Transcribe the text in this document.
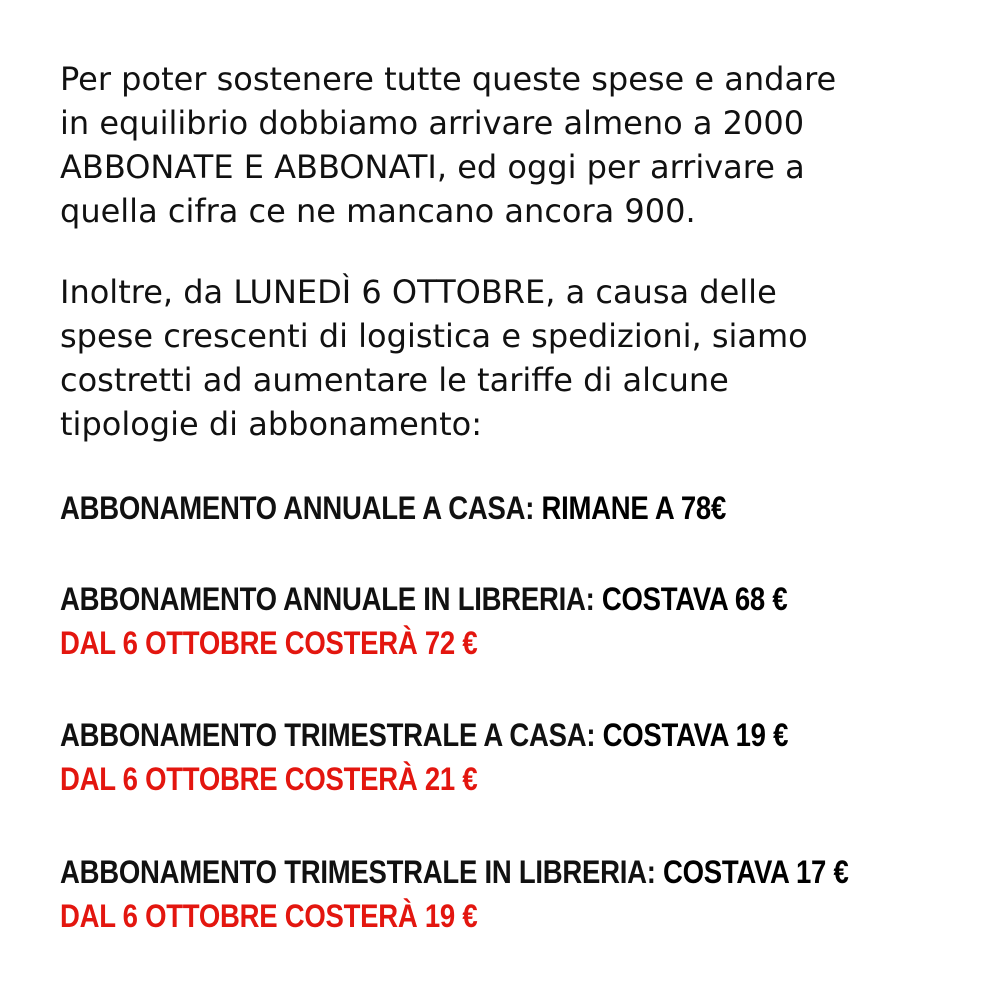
Per poter sostenere tutte queste spese e andare
in equilibrio dobbiamo arrivare almeno a 2000
ABBONATE E ABBONATI, ed oggi per arrivare a
quella cifra ce ne mancano ancora 900.
Inoltre, da LUNEDÌ 6 OTTOBRE, a causa delle
spese crescenti di logistica e spedizioni, siamo
costretti ad aumentare le tariffe di alcune
tipologie di abbonamento:
ABBONAMENTO ANNUALE A CASA: RIMANE A 78€
ABBONAMENTO ANNUALE IN LIBRERIA: COSTAVA 68 €
DAL 6 OTTOBRE COSTERÀ 72 €
ABBONAMENTO TRIMESTRALE A CASA: COSTAVA 19 €
DAL 6 OTTOBRE COSTERÀ 21 €
ABBONAMENTO TRIMESTRALE IN LIBRERIA: COSTAVA 17 €
DAL 6 OTTOBRE COSTERÀ 19 €
